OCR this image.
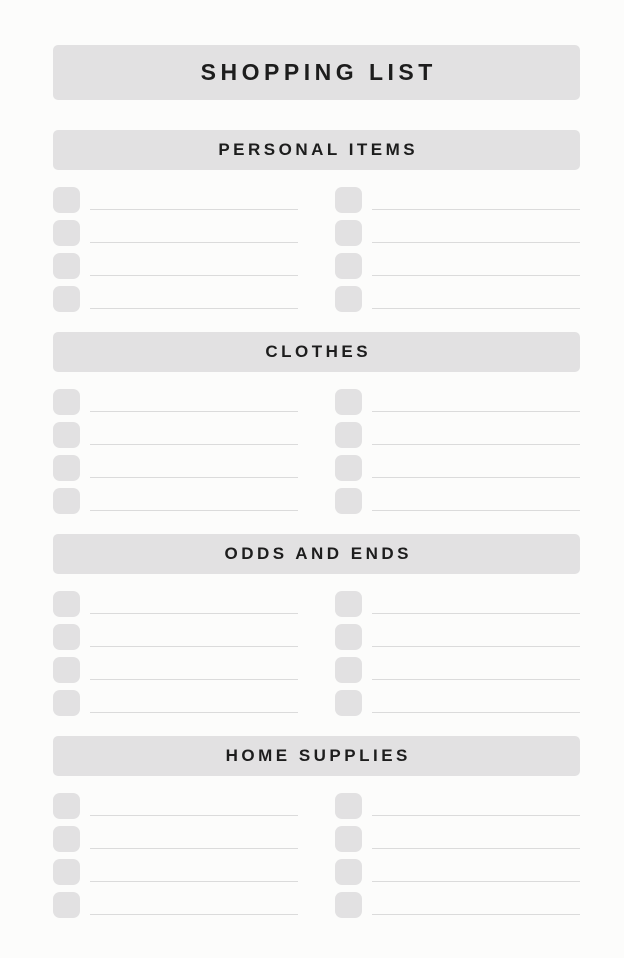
SHOPPING LIST
PERSONAL ITEMS
CLOTHES
ODDS AND ENDS
HOME SUPPLIES
